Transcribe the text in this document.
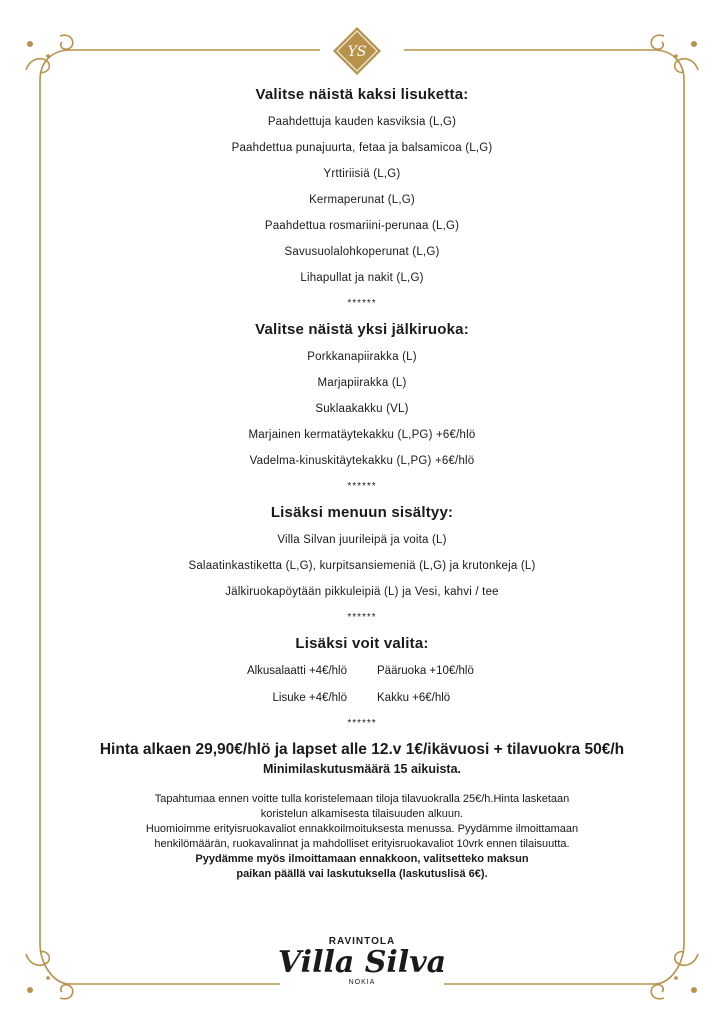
YS
Valitse näistä kaksi lisuketta:
Paahdettuja kauden kasviksia (L,G)
Paahdettua punajuurta, fetaa ja balsamicoa (L,G)
Yrttiriisiä (L,G)
Kermaperunat (L,G)
Paahdettua rosmariini-perunaa (L,G)
Savusuolalohkoperunat (L,G)
Lihapullat ja nakit (L,G)
******
Valitse näistä yksi jälkiruoka:
Porkkanapiirakka (L)
Marjapiirakka (L)
Suklaakakku (VL)
Marjainen kermatäytekakku (L,PG) +6€/hlö
Vadelma-kinuskitäytekakku (L,PG) +6€/hlö
******
Lisäksi menuun sisältyy:
Villa Silvan juurileipä ja voita (L)
Salaatinkastiketta (L,G), kurpitsansiemeniä (L,G) ja krutonkeja (L)
Jälkiruokapöytään pikkuleipiä (L) ja Vesi, kahvi / tee
******
Lisäksi voit valita:
Alkusalaatti +4€/hlö	Pääruoka +10€/hlö
Lisuke +4€/hlö	Kakku +6€/hlö
******
Hinta alkaen 29,90€/hlö ja lapset alle 12.v 1€/ikävuosi + tilavuokra 50€/h
Minimilaskutusmäärä 15 aikuista.
Tapahtumaa ennen voitte tulla koristelemaan tiloja tilavuokralla 25€/h.Hinta lasketaan
koristelun alkamisesta tilaisuuden alkuun.
Huomioimme erityisruokavaliot ennakkoilmoituksesta menussa. Pyydämme ilmoittamaan
henkilömäärän, ruokavalinnat ja mahdolliset erityisruokavaliot 10vrk ennen tilaisuutta.
Pyydämme myös ilmoittamaan ennakkoon, valitsetteko maksun
paikan päällä vai laskutuksella (laskutuslisä 6€).
RAVINTOLA
Villa Silva
NOKIA
